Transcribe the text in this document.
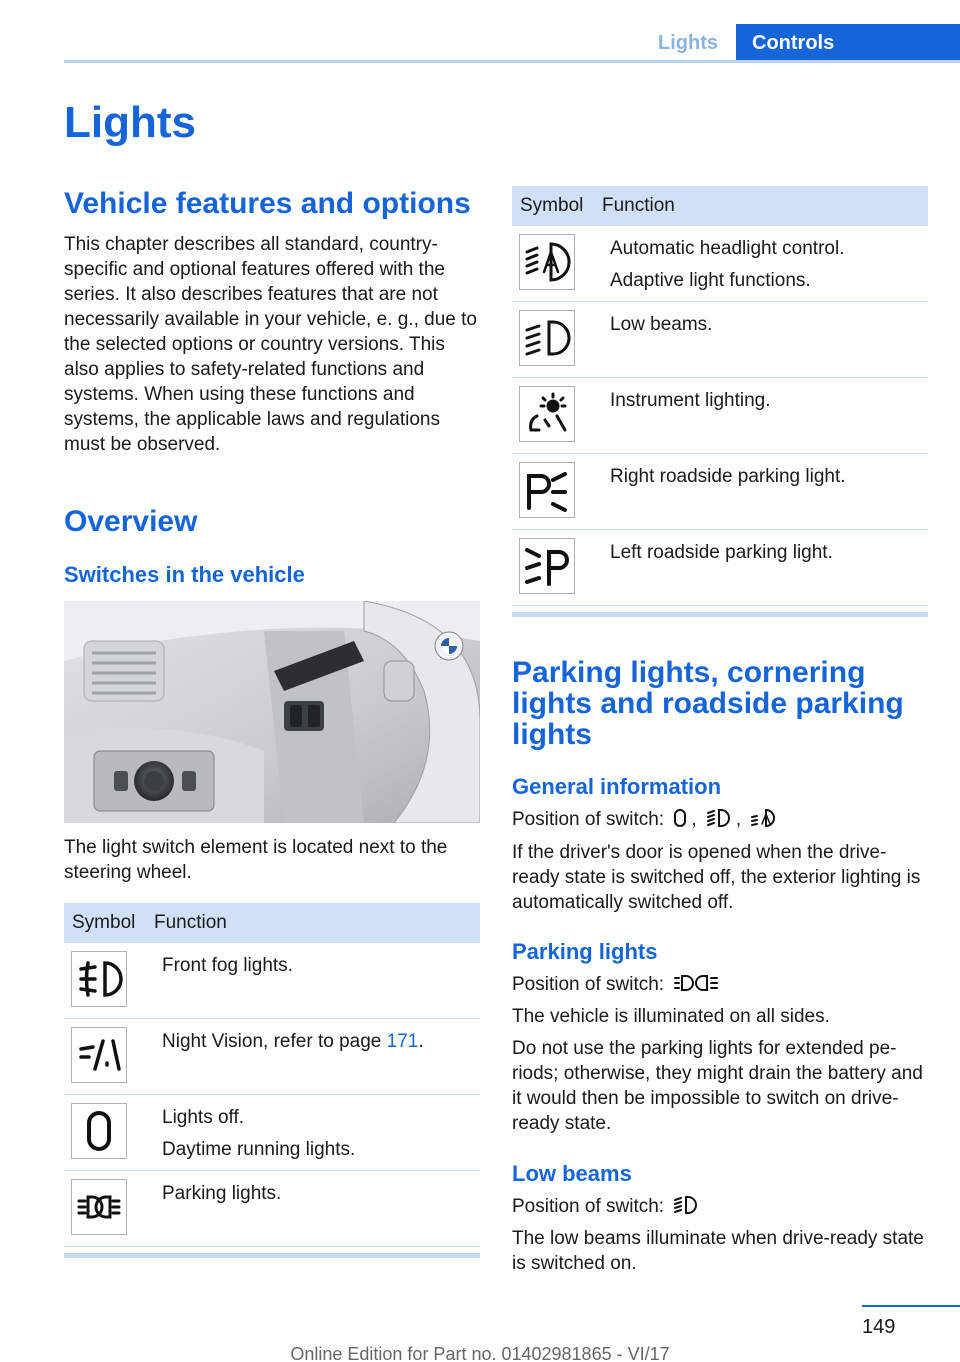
Lights	Controls
Lights
Vehicle features and options
This chapter describes all standard, country-specific and optional features offered with the series. It also describes features that are not necessarily available in your vehicle, e. g., due to the selected options or country versions. This also applies to safety-related functions and systems. When using these functions and systems, the applicable laws and regulations must be observed.
Overview
Switches in the vehicle
The light switch element is located next to the steering wheel.
Symbol Function
Front fog lights.
Night Vision, refer to page 171.
Lights off.
Daytime running lights.
Parking lights.
Symbol Function
Automatic headlight control.
Adaptive light functions.
Low beams.
Instrument lighting.
Right roadside parking light.
Left roadside parking light.
Parking lights, cornering lights and roadside parking lights
General information
Position of switch: , ,
If the driver's door is opened when the drive-ready state is switched off, the exterior lighting is automatically switched off.
Parking lights
Position of switch:
The vehicle is illuminated on all sides.
Do not use the parking lights for extended pe-riods; otherwise, they might drain the battery and it would then be impossible to switch on drive-ready state.
Low beams
Position of switch:
The low beams illuminate when drive-ready state is switched on.
149
Online Edition for Part no. 01402981865 - VI/17
